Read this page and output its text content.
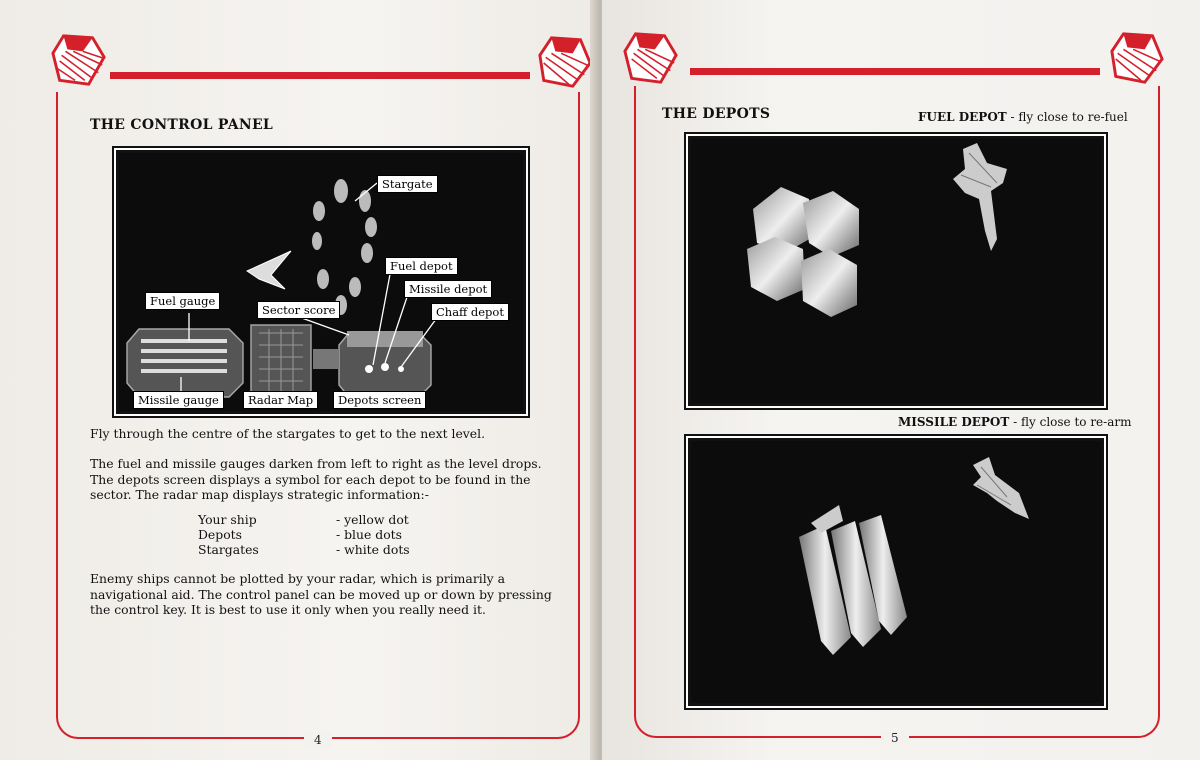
THE CONTROL PANEL
Stargate
Fuel depot
Missile depot
Chaff depot
Fuel gauge
Sector score
Missile gauge	Radar Map	Depots screen
Fly through the centre of the stargates to get to the next level.
The fuel and missile gauges darken from left to right as the level drops. The depots screen displays a symbol for each depot to be found in the sector. The radar map displays strategic information:-
Your ship	- yellow dot
Depots	- blue dots
Stargates	- white dots
Enemy ships cannot be plotted by your radar, which is primarily a navigational aid. The control panel can be moved up or down by pressing the control key. It is best to use it only when you really need it.
4
THE DEPOTS	FUEL DEPOT - fly close to re-fuel
MISSILE DEPOT - fly close to re-arm
5
